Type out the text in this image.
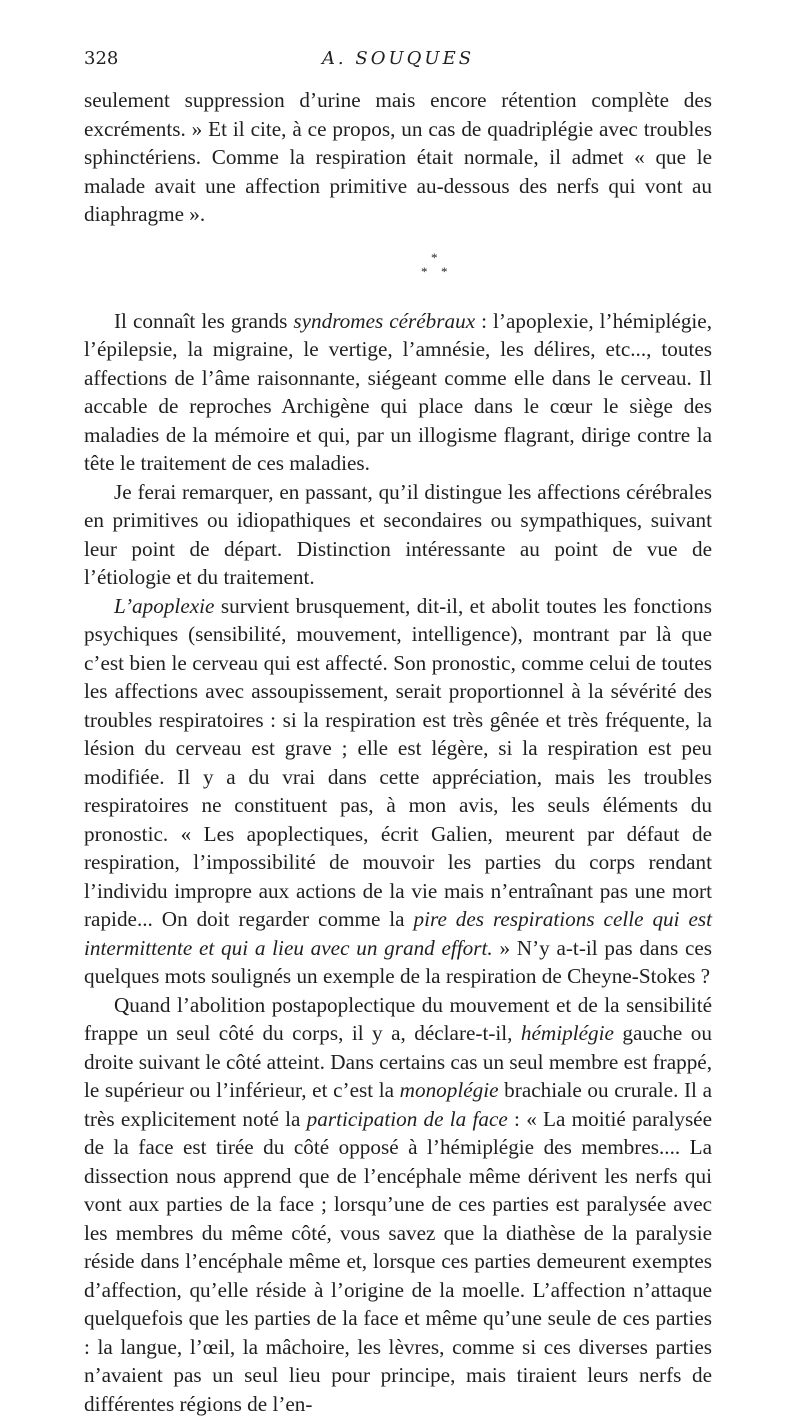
328	A. SOUQUES

seulement suppression d’urine mais encore rétention complète des excréments. » Et il cite, à ce propos, un cas de quadriplégie avec troubles sphinctériens. Comme la respiration était normale, il admet « que le malade avait une affection primitive au-dessous des nerfs qui vont au diaphragme ».

*
* *

Il connaît les grands syndromes cérébraux : l’apoplexie, l’hémiplégie, l’épilepsie, la migraine, le vertige, l’amnésie, les délires, etc..., toutes affections de l’âme raisonnante, siégeant comme elle dans le cerveau. Il accable de reproches Archigène qui place dans le cœur le siège des maladies de la mémoire et qui, par un illogisme flagrant, dirige contre la tête le traitement de ces maladies.

Je ferai remarquer, en passant, qu’il distingue les affections cérébrales en primitives ou idiopathiques et secondaires ou sympathiques, suivant leur point de départ. Distinction intéressante au point de vue de l’étiologie et du traitement.

L’apoplexie survient brusquement, dit-il, et abolit toutes les fonctions psychiques (sensibilité, mouvement, intelligence), montrant par là que c’est bien le cerveau qui est affecté. Son pronostic, comme celui de toutes les affections avec assoupissement, serait proportionnel à la sévérité des troubles respiratoires : si la respiration est très gênée et très fréquente, la lésion du cerveau est grave ; elle est légère, si la respiration est peu modifiée. Il y a du vrai dans cette appréciation, mais les troubles respiratoires ne constituent pas, à mon avis, les seuls éléments du pronostic. « Les apoplectiques, écrit Galien, meurent par défaut de respiration, l’impossibilité de mouvoir les parties du corps rendant l’individu impropre aux actions de la vie mais n’entraînant pas une mort rapide... On doit regarder comme la pire des respirations celle qui est intermittente et qui a lieu avec un grand effort. » N’y a-t-il pas dans ces quelques mots soulignés un exemple de la respiration de Cheyne-Stokes ?

Quand l’abolition postapoplectique du mouvement et de la sensibilité frappe un seul côté du corps, il y a, déclare-t-il, hémiplégie gauche ou droite suivant le côté atteint. Dans certains cas un seul membre est frappé, le supérieur ou l’inférieur, et c’est la monoplégie brachiale ou crurale. Il a très explicitement noté la participation de la face : « La moitié paralysée de la face est tirée du côté opposé à l’hémiplégie des membres.... La dissection nous apprend que de l’encéphale même dérivent les nerfs qui vont aux parties de la face ; lorsqu’une de ces parties est paralysée avec les membres du même côté, vous savez que la diathèse de la paralysie réside dans l’encéphale même et, lorsque ces parties demeurent exemptes d’affection, qu’elle réside à l’origine de la moelle. L’affection n’attaque quelquefois que les parties de la face et même qu’une seule de ces parties : la langue, l’œil, la mâchoire, les lèvres, comme si ces diverses parties n’avaient pas un seul lieu pour principe, mais tiraient leurs nerfs de différentes régions de l’en-
